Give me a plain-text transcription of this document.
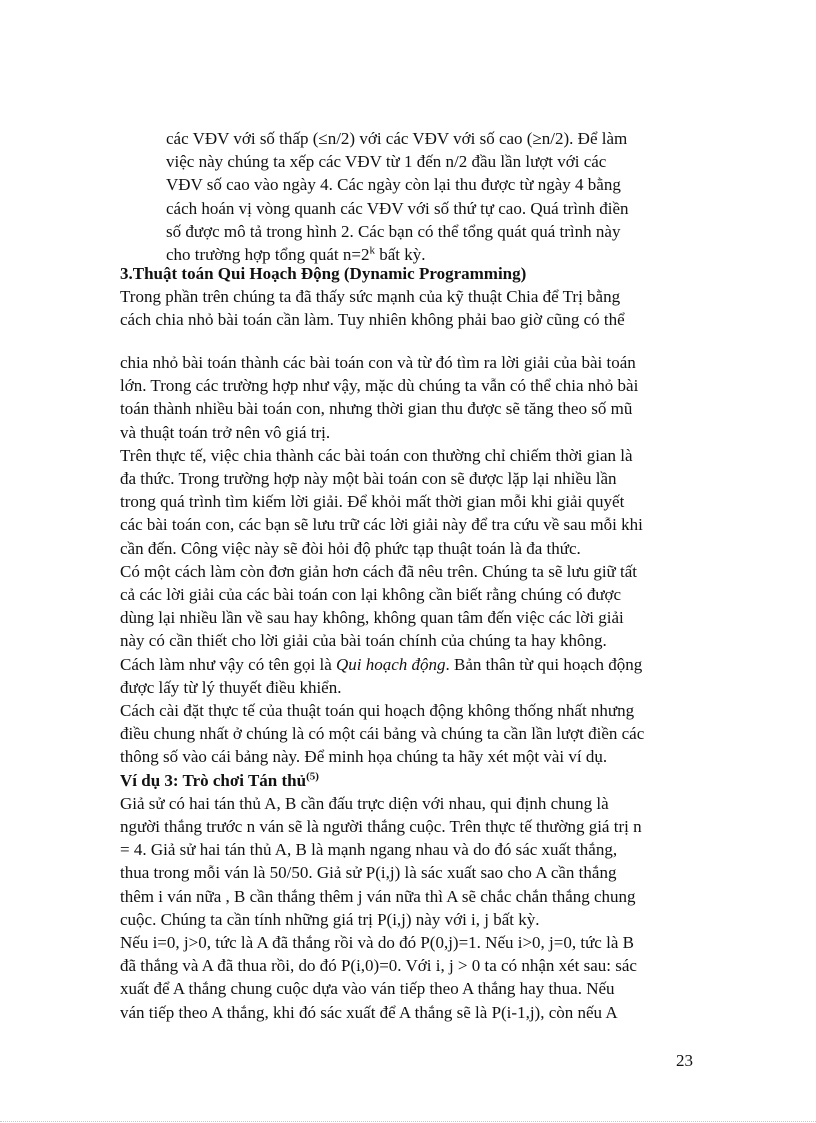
các VĐV với số thấp (≤n/2) với các VĐV với số cao (≥n/2). Để làm
việc này chúng ta xếp các VĐV từ 1 đến n/2 đầu lần lượt với các
VĐV số cao vào ngày 4. Các ngày còn lại thu được từ ngày 4 bằng
cách hoán vị vòng quanh các VĐV với số thứ tự cao. Quá trình điền
số được mô tả trong hình 2. Các bạn có thể tổng quát quá trình này
cho trường hợp tổng quát $n=2^k$ bất kỳ.
3.Thuật toán Qui Hoạch Động (Dynamic Programming)
Trong phần trên chúng ta đã thấy sức mạnh của kỹ thuật Chia để Trị bằng
cách chia nhỏ bài toán cần làm. Tuy nhiên không phải bao giờ cũng có thể
chia nhỏ bài toán thành các bài toán con và từ đó tìm ra lời giải của bài toán
lớn. Trong các trường hợp như vậy, mặc dù chúng ta vẫn có thể chia nhỏ bài
toán thành nhiều bài toán con, nhưng thời gian thu được sẽ tăng theo số mũ
và thuật toán trở nên vô giá trị.
Trên thực tế, việc chia thành các bài toán con thường chỉ chiếm thời gian là
đa thức. Trong trường hợp này một bài toán con sẽ được lặp lại nhiều lần
trong quá trình tìm kiếm lời giải. Để khỏi mất thời gian mỗi khi giải quyết
các bài toán con, các bạn sẽ lưu trữ các lời giải này để tra cứu về sau mỗi khi
cần đến. Công việc này sẽ đòi hỏi độ phức tạp thuật toán là đa thức.
Có một cách làm còn đơn giản hơn cách đã nêu trên. Chúng ta sẽ lưu giữ tất
cả các lời giải của các bài toán con lại không cần biết rằng chúng có được
dùng lại nhiều lần về sau hay không, không quan tâm đến việc các lời giải
này có cần thiết cho lời giải của bài toán chính của chúng ta hay không.
Cách làm như vậy có tên gọi là Qui hoạch động. Bản thân từ qui hoạch động
được lấy từ lý thuyết điều khiển.
Cách cài đặt thực tế của thuật toán qui hoạch động không thống nhất nhưng
điều chung nhất ở chúng là có một cái bảng và chúng ta cần lần lượt điền các
thông số vào cái bảng này. Để minh họa chúng ta hãy xét một vài ví dụ.
Ví dụ 3: Trò chơi Tán thủ$^{(5)}$
Giả sử có hai tán thủ A, B cần đấu trực diện với nhau, qui định chung là
người thắng trước n ván sẽ là người thắng cuộc. Trên thực tế thường giá trị n
= 4. Giả sử hai tán thủ A, B là mạnh ngang nhau và do đó sác xuất thắng,
thua trong mỗi ván là 50/50. Giả sử P(i,j) là sác xuất sao cho A cần thắng
thêm i ván nữa , B cần thắng thêm j ván nữa thì A sẽ chắc chắn thắng chung
cuộc. Chúng ta cần tính những giá trị P(i,j) này với i, j bất kỳ.
Nếu i=0, j>0, tức là A đã thắng rồi và do đó P(0,j)=1. Nếu i>0, j=0, tức là B
đã thắng và A đã thua rồi, do đó P(i,0)=0. Với i, j > 0 ta có nhận xét sau: sác
xuất để A thắng chung cuộc dựa vào ván tiếp theo A thắng hay thua. Nếu
ván tiếp theo A thắng, khi đó sác xuất để A thắng sẽ là P(i-1,j), còn nếu A
23
